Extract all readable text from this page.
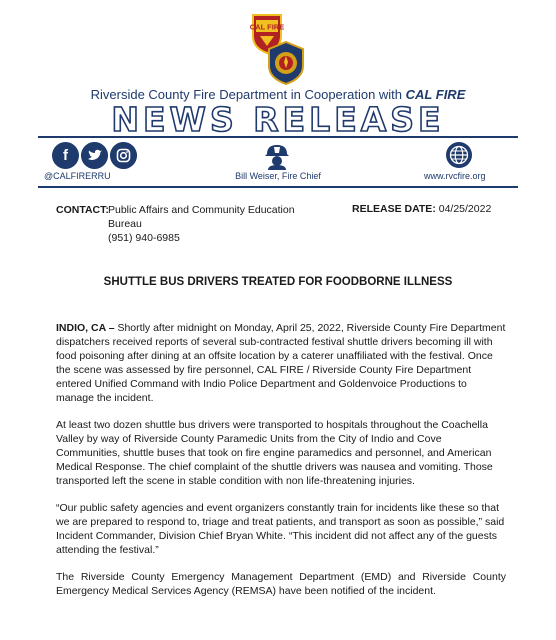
CAL FIRE
Riverside County Fire Department in Cooperation with CAL FIRE
NEWS RELEASE
f
@CALFIRERRU	Bill Weiser, Fire Chief	www.rvcfire.org
CONTACT: Public Affairs and Community Education Bureau
(951) 940-6985
RELEASE DATE: 04/25/2022
SHUTTLE BUS DRIVERS TREATED FOR FOODBORNE ILLNESS

INDIO, CA – Shortly after midnight on Monday, April 25, 2022, Riverside County Fire Department dispatchers received reports of several sub-contracted festival shuttle drivers becoming ill with food poisoning after dining at an offsite location by a caterer unaffiliated with the festival. Once the scene was assessed by fire personnel, CAL FIRE / Riverside County Fire Department entered Unified Command with Indio Police Department and Goldenvoice Productions to manage the incident.

At least two dozen shuttle bus drivers were transported to hospitals throughout the Coachella Valley by way of Riverside County Paramedic Units from the City of Indio and Cove Communities, shuttle buses that took on fire engine paramedics and personnel, and American Medical Response. The chief complaint of the shuttle drivers was nausea and vomiting. Those transported left the scene in stable condition with non life-threatening injuries.

“Our public safety agencies and event organizers constantly train for incidents like these so that we are prepared to respond to, triage and treat patients, and transport as soon as possible,” said Incident Commander, Division Chief Bryan White. “This incident did not affect any of the guests attending the festival.”

The Riverside County Emergency Management Department (EMD) and Riverside County Emergency Medical Services Agency (REMSA) have been notified of the incident.
